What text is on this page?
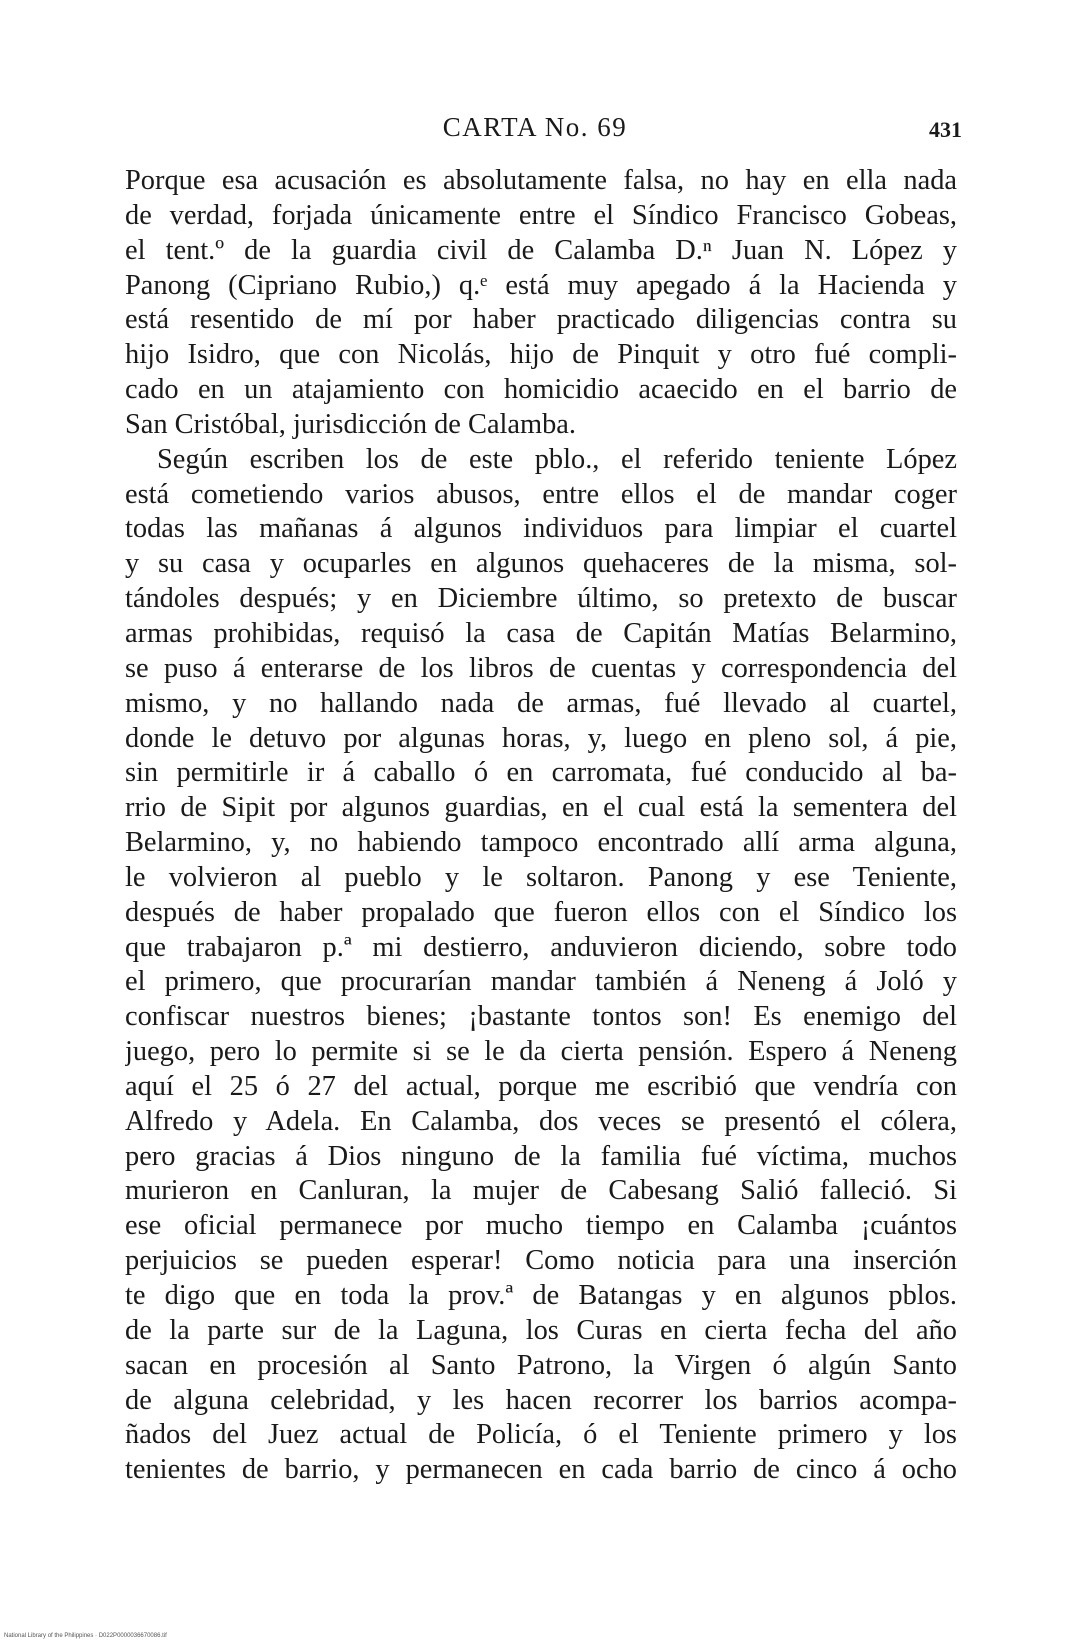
CARTA No. 69	431
Porque esa acusación es absolutamente falsa, no hay en ella nada
de verdad, forjada únicamente entre el Síndico Francisco Gobeas,
el tent.º de la guardia civil de Calamba D.ⁿ Juan N. López y
Panong (Cipriano Rubio,) q.ᵉ está muy apegado á la Hacienda y
está resentido de mí por haber practicado diligencias contra su
hijo Isidro, que con Nicolás, hijo de Pinquit y otro fué compli-
cado en un atajamiento con homicidio acaecido en el barrio de
San Cristóbal, jurisdicción de Calamba.
Según escriben los de este pblo., el referido teniente López
está cometiendo varios abusos, entre ellos el de mandar coger
todas las mañanas á algunos individuos para limpiar el cuartel
y su casa y ocuparles en algunos quehaceres de la misma, sol-
tándoles después; y en Diciembre último, so pretexto de buscar
armas prohibidas, requisó la casa de Capitán Matías Belarmino,
se puso á enterarse de los libros de cuentas y correspondencia del
mismo, y no hallando nada de armas, fué llevado al cuartel,
donde le detuvo por algunas horas, y, luego en pleno sol, á pie,
sin permitirle ir á caballo ó en carromata, fué conducido al ba-
rrio de Sipit por algunos guardias, en el cual está la sementera del
Belarmino, y, no habiendo tampoco encontrado allí arma alguna,
le volvieron al pueblo y le soltaron. Panong y ese Teniente,
después de haber propalado que fueron ellos con el Síndico los
que trabajaron p.ª mi destierro, anduvieron diciendo, sobre todo
el primero, que procurarían mandar también á Neneng á Joló y
confiscar nuestros bienes; ¡bastante tontos son! Es enemigo del
juego, pero lo permite si se le da cierta pensión. Espero á Neneng
aquí el 25 ó 27 del actual, porque me escribió que vendría con
Alfredo y Adela. En Calamba, dos veces se presentó el cólera,
pero gracias á Dios ninguno de la familia fué víctima, muchos
murieron en Canluran, la mujer de Cabesang Salió falleció. Si
ese oficial permanece por mucho tiempo en Calamba ¡cuántos
perjuicios se pueden esperar! Como noticia para una inserción
te digo que en toda la prov.ª de Batangas y en algunos pblos.
de la parte sur de la Laguna, los Curas en cierta fecha del año
sacan en procesión al Santo Patrono, la Virgen ó algún Santo
de alguna celebridad, y les hacen recorrer los barrios acompa-
ñados del Juez actual de Policía, ó el Teniente primero y los
tenientes de barrio, y permanecen en cada barrio de cinco á ocho
National Library of the Philippines · D022P0000036670086.tif
